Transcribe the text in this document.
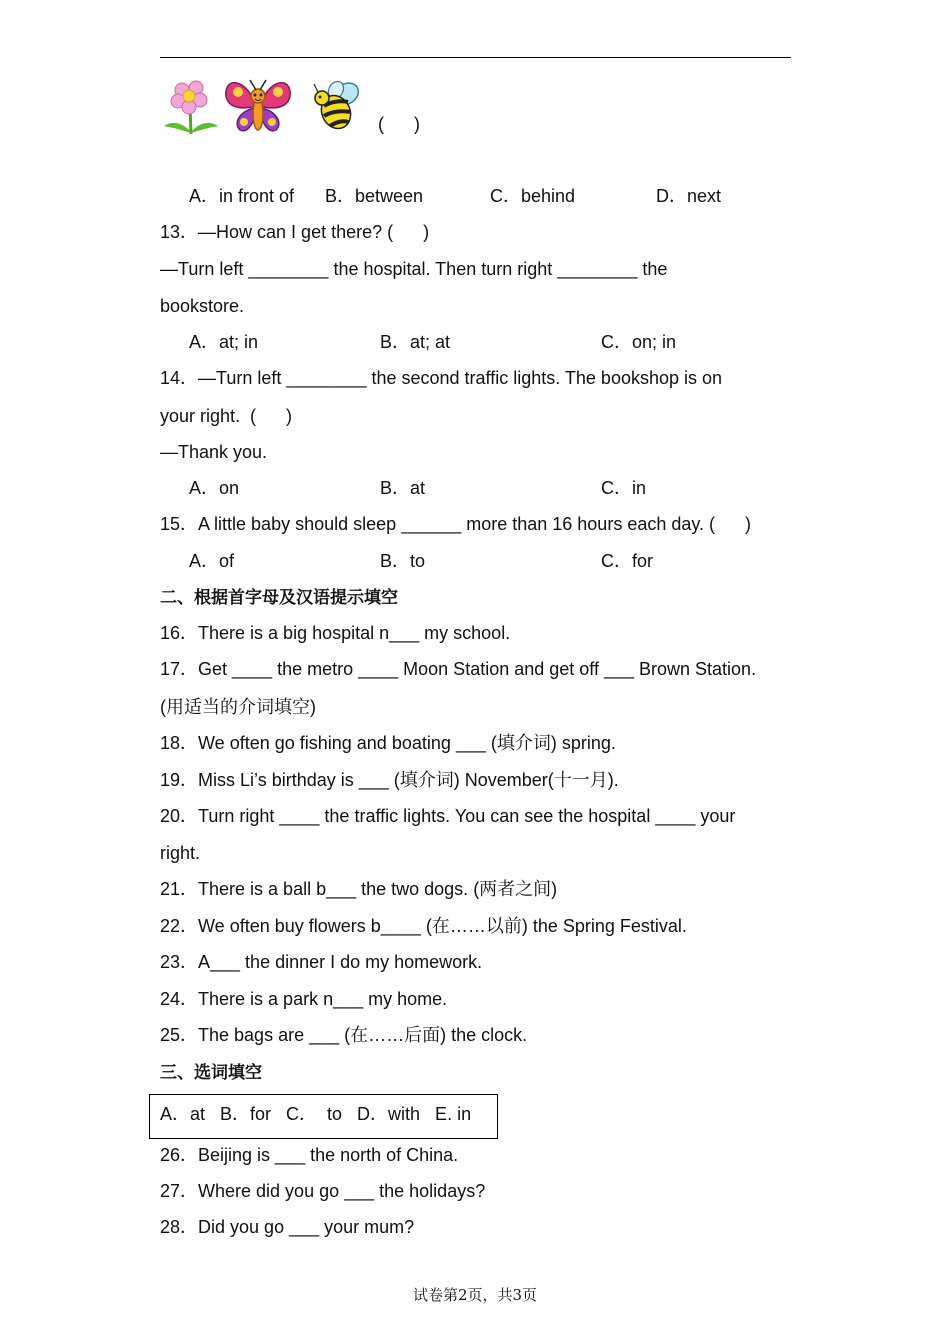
(      )
A．in front of B．between	C．behind	D．next
13．—How can I get there? (      )
—Turn left ________ the hospital. Then turn right ________ the
bookstore.
A．at; in	B．at; at	C．on; in
14．—Turn left ________ the second traffic lights. The bookshop is on
your right.  (      )
—Thank you.
A．on	B．at	C．in
15．A little baby should sleep ______ more than 16 hours each day. (      )
A．of	B．to	C．for
二、根据首字母及汉语提示填空
16．There is a big hospital n___ my school.
17．Get ____ the metro ____ Moon Station and get off ___ Brown Station.
(用适当的介词填空)
18．We often go fishing and boating ___ (填介词) spring.
19．Miss Li’s birthday is ___ (填介词) November(十一月).
20．Turn right ____ the traffic lights. You can see the hospital ____ your
right.
21．There is a ball b___ the two dogs. (两者之间)
22．We often buy flowers b____ (在……以前) the Spring Festival.
23．A___ the dinner I do my homework.
24．There is a park n___ my home.
25．The bags are ___ (在……后面) the clock.
三、选词填空
A．at   B．for   C．  to   D．with   E. in
26．Beijing is ___ the north of China.
27．Where did you go ___ the holidays?
28．Did you go ___ your mum?
试卷第2页，共3页
